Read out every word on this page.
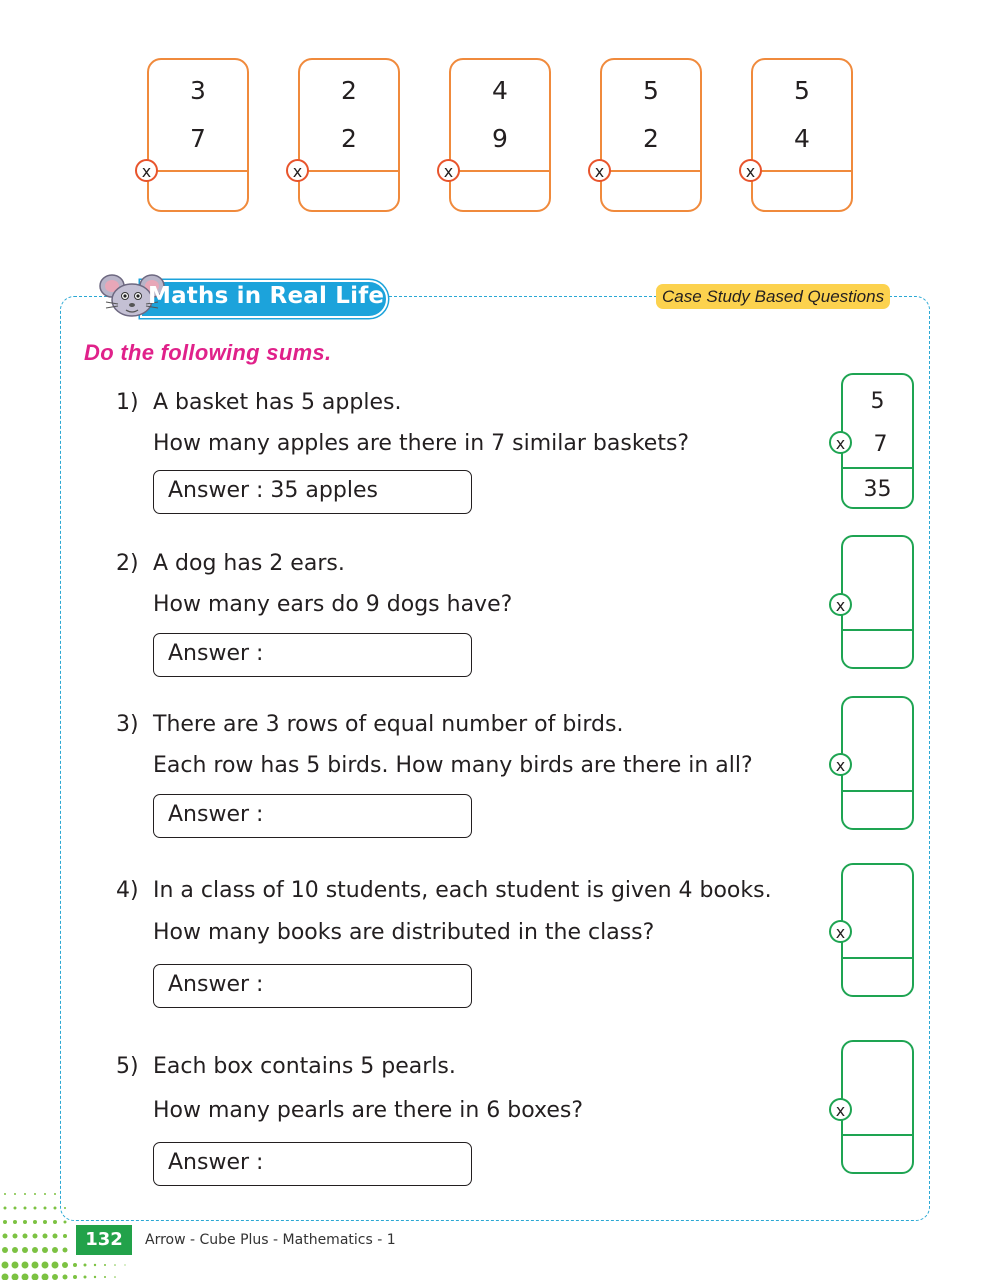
3
7
x
2
2
x
4
9
x
5
2
x
5
4
x
Maths in Real Life	Case Study Based Questions
Do the following sums.
1) A basket has 5 apples.
How many apples are there in 7 similar baskets?
Answer : 35 apples
5
7
35
x
2) A dog has 2 ears.
How many ears do 9 dogs have?
Answer :
x
3) There are 3 rows of equal number of birds.
Each row has 5 birds. How many birds are there in all?
Answer :
x
4) In a class of 10 students, each student is given 4 books.
How many books are distributed in the class?
Answer :
x
5) Each box contains 5 pearls.
How many pearls are there in 6 boxes?
Answer :
x
132	Arrow - Cube Plus - Mathematics - 1
